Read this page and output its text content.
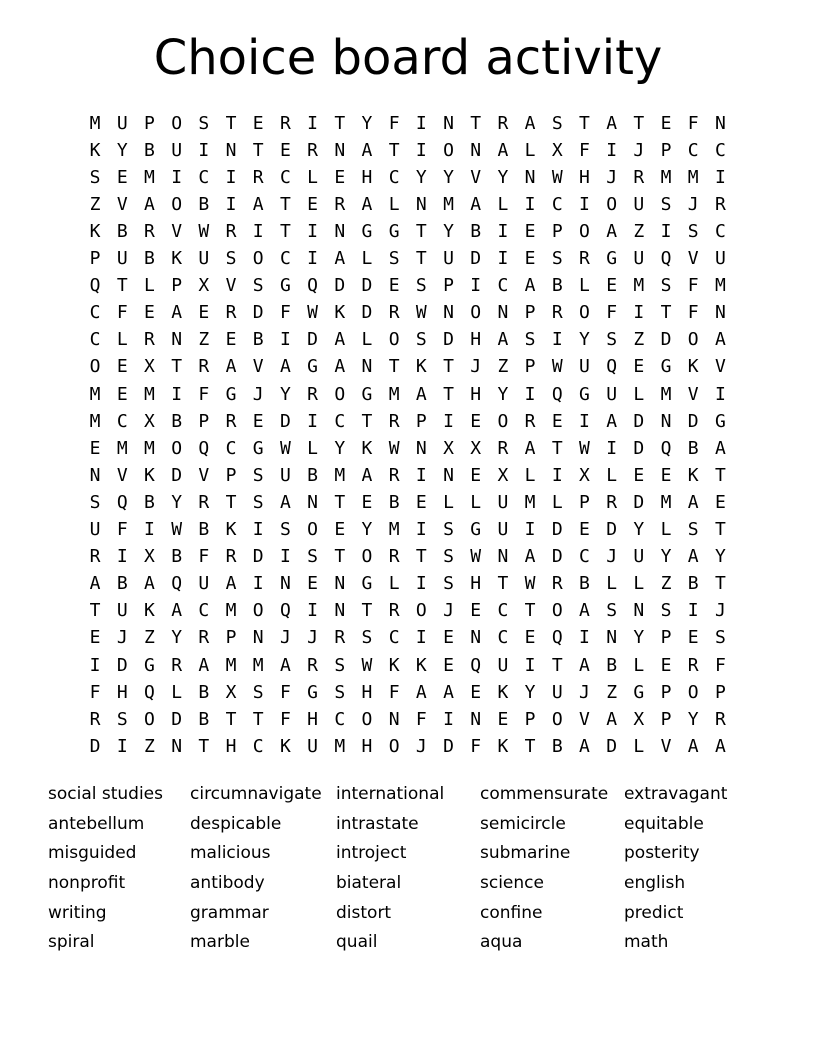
Choice board activity
M U P O S T E R I T Y F I N T R A S T A T E F N
K Y B U I N T E R N A T I O N A L X F I J P C C
S E M I C I R C L E H C Y Y V Y N W H J R M M I
Z V A O B I A T E R A L N M A L I C I O U S J R
K B R V W R I T I N G G T Y B I E P O A Z I S C
P U B K U S O C I A L S T U D I E S R G U Q V U
Q T L P X V S G Q D D E S P I C A B L E M S F M
C F E A E R D F W K D R W N O N P R O F I T F N
C L R N Z E B I D A L O S D H A S I Y S Z D O A
O E X T R A V A G A N T K T J Z P W U Q E G K V
M E M I F G J Y R O G M A T H Y I Q G U L M V I
M C X B P R E D I C T R P I E O R E I A D N D G
E M M O Q C G W L Y K W N X X R A T W I D Q B A
N V K D V P S U B M A R I N E X L I X L E E K T
S Q B Y R T S A N T E B E L L U M L P R D M A E
U F I W B K I S O E Y M I S G U I D E D Y L S T
R I X B F R D I S T O R T S W N A D C J U Y A Y
A B A Q U A I N E N G L I S H T W R B L L Z B T
T U K A C M O Q I N T R O J E C T O A S N S I J
E J Z Y R P N J J R S C I E N C E Q I N Y P E S
I D G R A M M A R S W K K E Q U I T A B L E R F
F H Q L B X S F G S H F A A E K Y U J Z G P O P
R S O D B T T F H C O N F I N E P O V A X P Y R
D I Z N T H C K U M H O J D F K T B A D L V A A
social studies
antebellum
misguided
nonprofit
writing
spiral
circumnavigate
despicable
malicious
antibody
grammar
marble
international
intrastate
introject
biateral
distort
quail
commensurate
semicircle
submarine
science
confine
aqua
extravagant
equitable
posterity
english
predict
math
